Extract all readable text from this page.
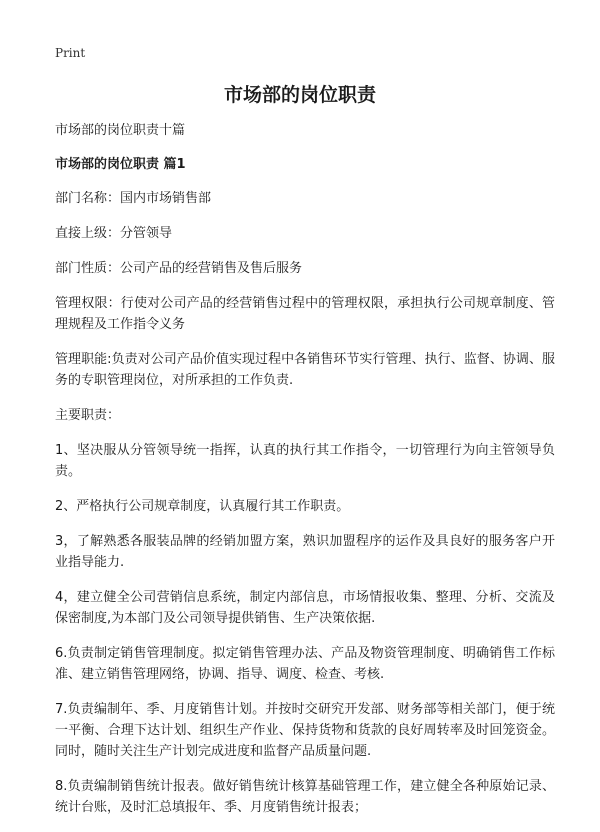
Print
市场部的岗位职责

市场部的岗位职责十篇

市场部的岗位职责 篇1

部门名称：国内市场销售部

直接上级：分管领导

部门性质：公司产品的经营销售及售后服务

管理权限：行使对公司产品的经营销售过程中的管理权限，承担执行公司规章制度、管理规程及工作指令义务

管理职能:负责对公司产品价值实现过程中各销售环节实行管理、执行、监督、协调、服务的专职管理岗位，对所承担的工作负责.

主要职责：

1、坚决服从分管领导统一指挥，认真的执行其工作指令，一切管理行为向主管领导负责。

2、严格执行公司规章制度，认真履行其工作职责。

3，了解熟悉各服装品牌的经销加盟方案，熟识加盟程序的运作及具良好的服务客户开业指导能力.

4，建立健全公司营销信息系统，制定内部信息，市场情报收集、整理、分析、交流及保密制度,为本部门及公司领导提供销售、生产决策依据.

6.负责制定销售管理制度。拟定销售管理办法、产品及物资管理制度、明确销售工作标准、建立销售管理网络，协调、指导、调度、检查、考核.

7.负责编制年、季、月度销售计划。并按时交研究开发部、财务部等相关部门，便于统一平衡、合理下达计划、组织生产作业、保持货物和货款的良好周转率及时回笼资金。同时，随时关注生产计划完成进度和监督产品质量问题.

8.负责编制销售统计报表。做好销售统计核算基础管理工作，建立健全各种原始记录、统计台账，及时汇总填报年、季、月度销售统计报表；
